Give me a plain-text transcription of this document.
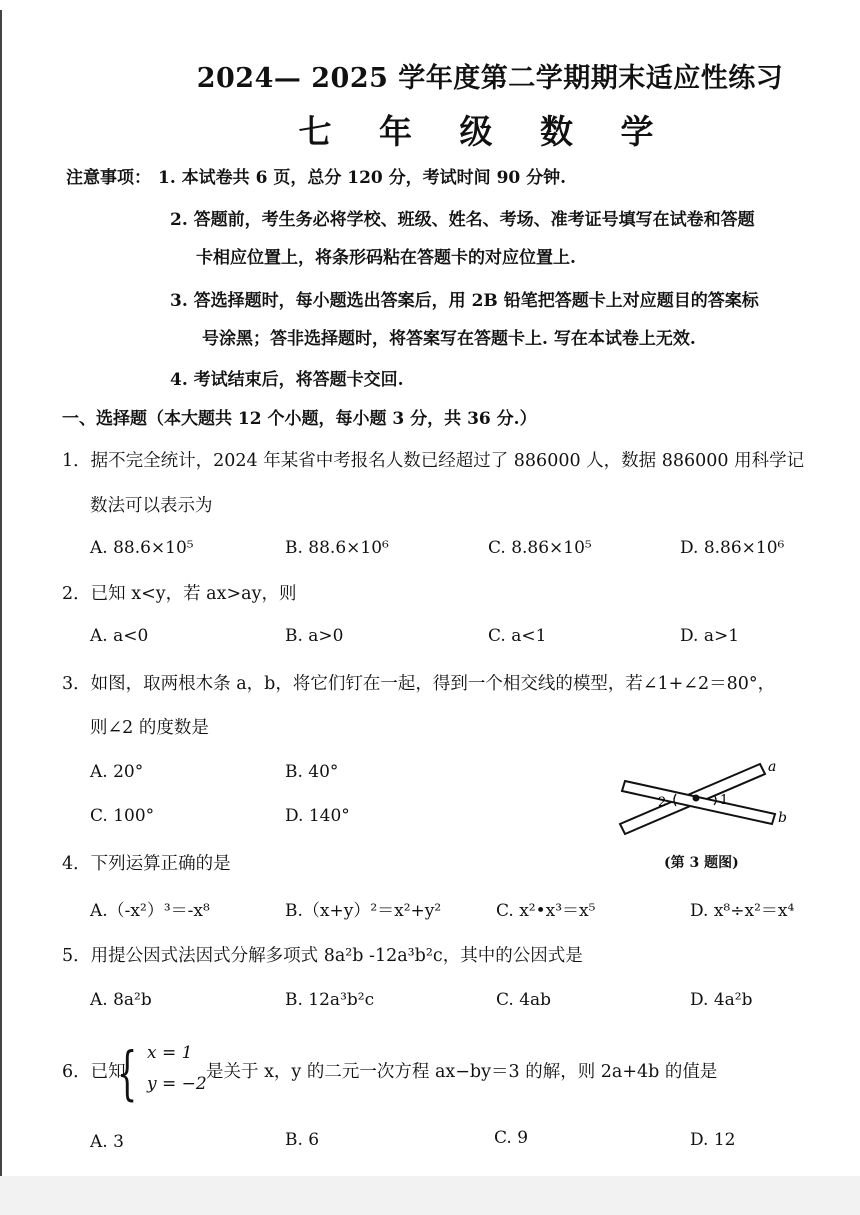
2024— 2025 学年度第二学期期末适应性练习
七 年 级 数 学
注意事项： 1. 本试卷共 6 页，总分 120 分，考试时间 90 分钟.
2. 答题前，考生务必将学校、班级、姓名、考场、准考证号填写在试卷和答题
卡相应位置上，将条形码粘在答题卡的对应位置上.
3. 答选择题时，每小题选出答案后，用 2B 铅笔把答题卡上对应题目的答案标
号涂黑；答非选择题时，将答案写在答题卡上. 写在本试卷上无效.
4. 考试结束后，将答题卡交回.
一、选择题（本大题共 12 个小题，每小题 3 分，共 36 分.）
1．据不完全统计，2024 年某省中考报名人数已经超过了 886000 人，数据 886000 用科学记
数法可以表示为
A. 88.6×10⁵	B. 88.6×10⁶	C. 8.86×10⁵	D. 8.86×10⁶
2．已知 x<y，若 ax>ay，则
A. a<0	B. a>0	C. a<1	D. a>1
3．如图，取两根木条 a，b，将它们钉在一起，得到一个相交线的模型，若∠1+∠2＝80°，
则∠2 的度数是
A. 20°	B. 40°
C. 100°	D. 140°
1
2
a
b
(第 3 题图)
4．下列运算正确的是
A.（-x²）³＝-x⁸	B.（x+y）²＝x²+y²	C. x²•x³＝x⁵	D. x⁸÷x²＝x⁴
5．用提公因式法因式分解多项式 8a²b -12a³b²c，其中的公因式是
A. 8a²b	B. 12a³b²c	C. 4ab	D. 4a²b
6．已知
{ x = 1
y = −2
是关于 x，y 的二元一次方程 ax−by＝3 的解，则 2a+4b 的值是
A. 3	B. 6	C. 9	D. 12
